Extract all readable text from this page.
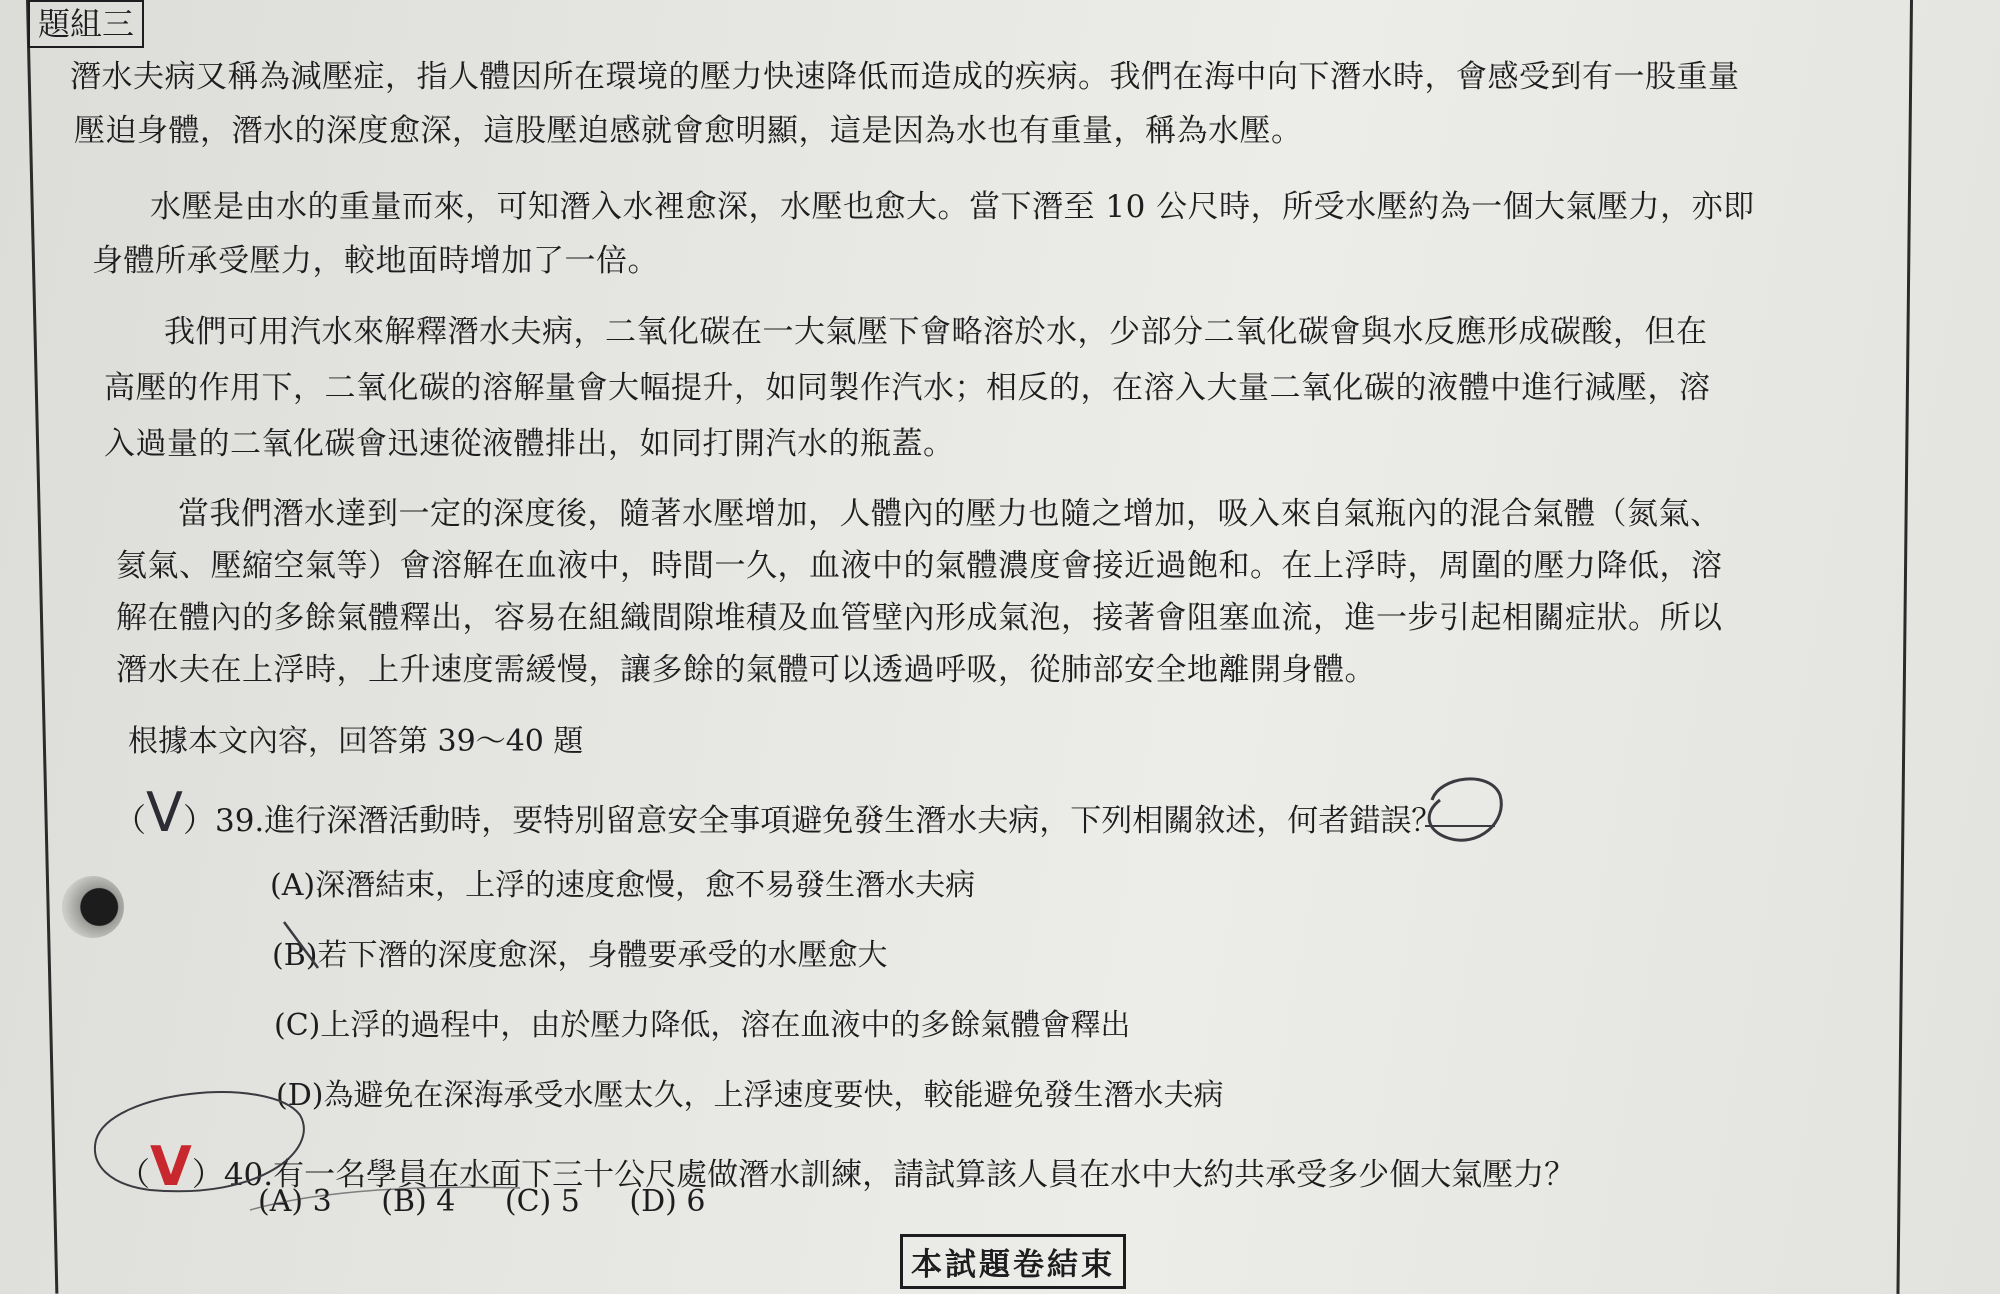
題組三
潛水夫病又稱為減壓症，指人體因所在環境的壓力快速降低而造成的疾病。我們在海中向下潛水時，會感受到有一股重量
壓迫身體，潛水的深度愈深，這股壓迫感就會愈明顯，這是因為水也有重量，稱為水壓。
水壓是由水的重量而來，可知潛入水裡愈深，水壓也愈大。當下潛至 10 公尺時，所受水壓約為一個大氣壓力，亦即
身體所承受壓力，較地面時增加了一倍。
我們可用汽水來解釋潛水夫病，二氧化碳在一大氣壓下會略溶於水，少部分二氧化碳會與水反應形成碳酸，但在
高壓的作用下，二氧化碳的溶解量會大幅提升，如同製作汽水；相反的，在溶入大量二氧化碳的液體中進行減壓，溶
入過量的二氧化碳會迅速從液體排出，如同打開汽水的瓶蓋。
當我們潛水達到一定的深度後，隨著水壓增加，人體內的壓力也隨之增加，吸入來自氣瓶內的混合氣體（氮氣、
氦氣、壓縮空氣等）會溶解在血液中，時間一久，血液中的氣體濃度會接近過飽和。在上浮時，周圍的壓力降低，溶
解在體內的多餘氣體釋出，容易在組織間隙堆積及血管壁內形成氣泡，接著會阻塞血流，進一步引起相關症狀。所以
潛水夫在上浮時，上升速度需緩慢，讓多餘的氣體可以透過呼吸，從肺部安全地離開身體。
根據本文內容，回答第 39～40 題
（V）39.進行深潛活動時，要特別留意安全事項避免發生潛水夫病，下列相關敘述，何者錯誤？
(A)深潛結束，上浮的速度愈慢，愈不易發生潛水夫病
(B)若下潛的深度愈深，身體要承受的水壓愈大
(C)上浮的過程中，由於壓力降低，溶在血液中的多餘氣體會釋出
(D)為避免在深海承受水壓太久，上浮速度要快，較能避免發生潛水夫病
（V）40.有一名學員在水面下三十公尺處做潛水訓練，請試算該人員在水中大約共承受多少個大氣壓力？
(A) 3 (B) 4 (C) 5 (D) 6
本試題卷結束
